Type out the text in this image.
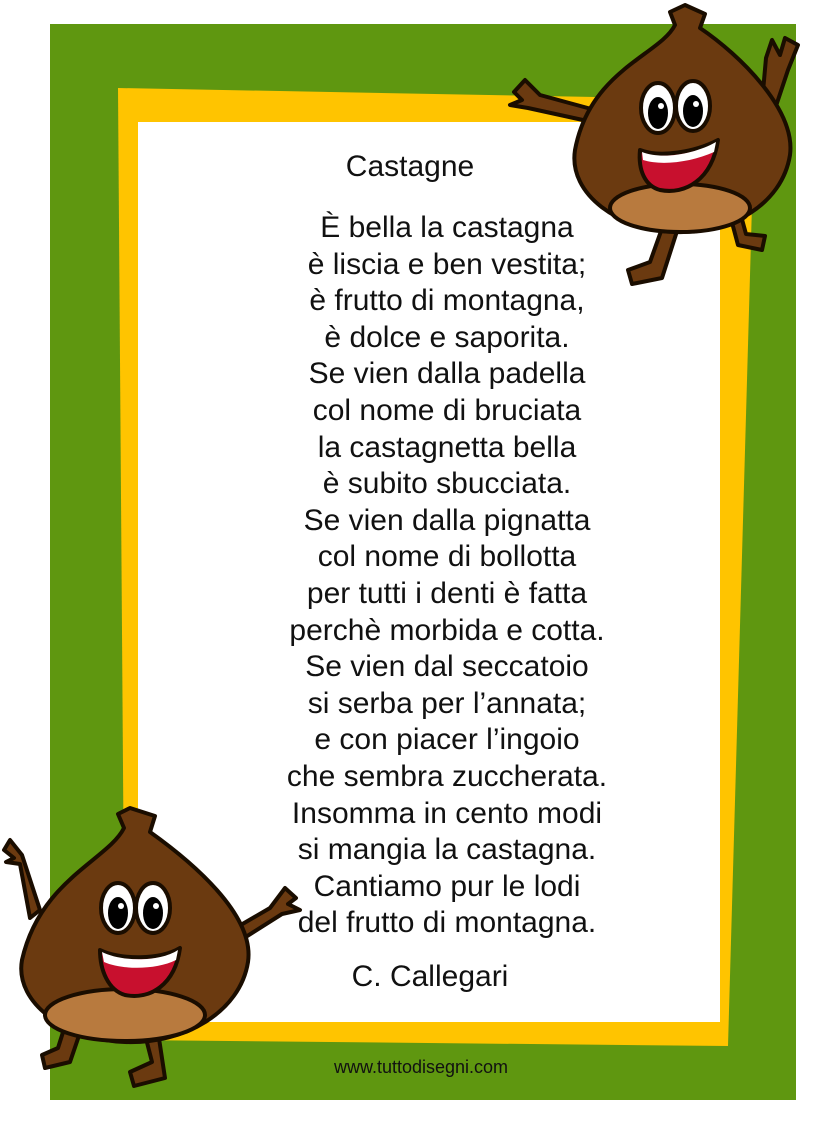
Castagne
È bella la castagna
è liscia e ben vestita;
è frutto di montagna,
è dolce e saporita.
Se vien dalla padella
col nome di bruciata
la castagnetta bella
è subito sbucciata.
Se vien dalla pignatta
col nome di bollotta
per tutti i denti è fatta
perchè morbida e cotta.
Se vien dal seccatoio
si serba per l’annata;
e con piacer l’ingoio
che sembra zuccherata.
Insomma in cento modi
si mangia la castagna.
Cantiamo pur le lodi
del frutto di montagna.
C. Callegari
www.tuttodisegni.com
